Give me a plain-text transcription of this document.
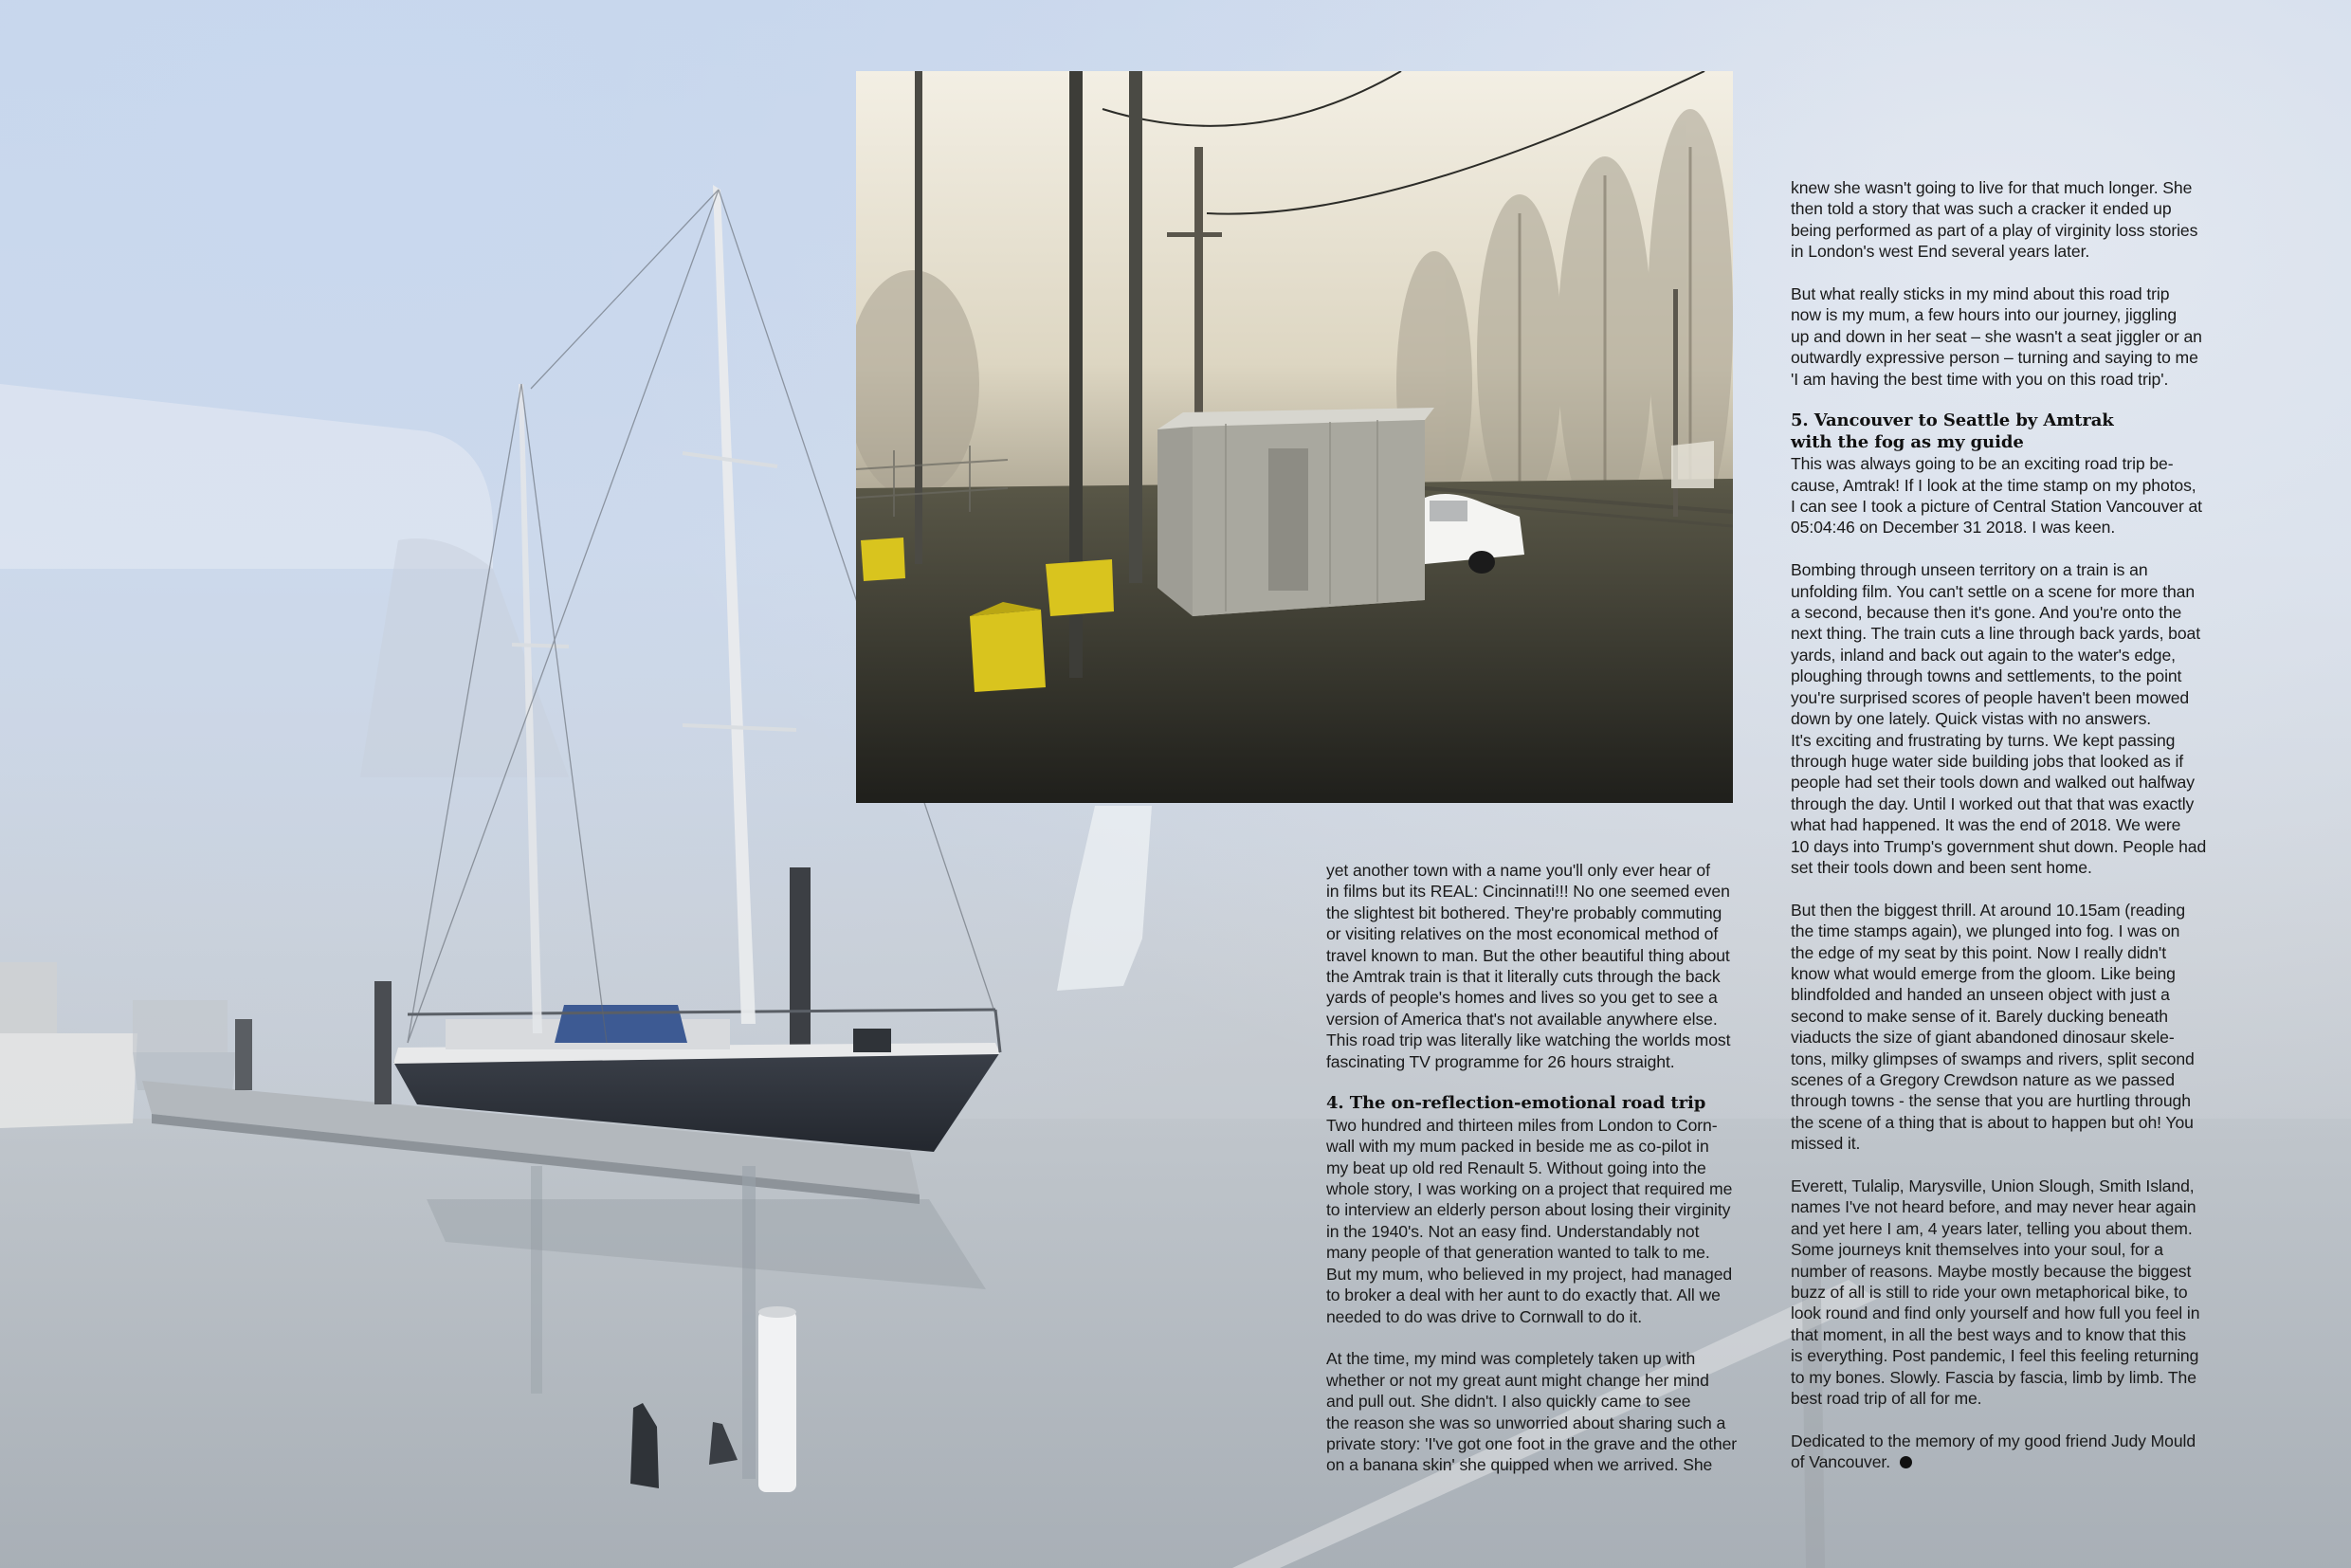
yet another town with a name you'll only ever hear of
in films but its REAL: Cincinnati!!! No one seemed even
the slightest bit bothered. They're probably commuting
or visiting relatives on the most economical method of
travel known to man. But the other beautiful thing about
the Amtrak train is that it literally cuts through the back
yards of people's homes and lives so you get to see a
version of America that's not available anywhere else.
This road trip was literally like watching the worlds most
fascinating TV programme for 26 hours straight.

4. The on-reflection-emotional road trip

Two hundred and thirteen miles from London to Corn-
wall with my mum packed in beside me as co-pilot in
my beat up old red Renault 5. Without going into the
whole story, I was working on a project that required me
to interview an elderly person about losing their virginity
in the 1940's. Not an easy find. Understandably not
many people of that generation wanted to talk to me.
But my mum, who believed in my project, had managed
to broker a deal with her aunt to do exactly that. All we
needed to do was drive to Cornwall to do it.

At the time, my mind was completely taken up with
whether or not my great aunt might change her mind
and pull out. She didn't. I also quickly came to see
the reason she was so unworried about sharing such a
private story: 'I've got one foot in the grave and the other
on a banana skin' she quipped when we arrived. She

knew she wasn't going to live for that much longer. She
then told a story that was such a cracker it ended up
being performed as part of a play of virginity loss stories
in London's west End several years later.

But what really sticks in my mind about this road trip
now is my mum, a few hours into our journey, jiggling
up and down in her seat – she wasn't a seat jiggler or an
outwardly expressive person – turning and saying to me
'I am having the best time with you on this road trip'.

5. Vancouver to Seattle by Amtrak
with the fog as my guide

This was always going to be an exciting road trip be-
cause, Amtrak! If I look at the time stamp on my photos,
I can see I took a picture of Central Station Vancouver at
05:04:46 on December 31 2018. I was keen.

Bombing through unseen territory on a train is an
unfolding film. You can't settle on a scene for more than
a second, because then it's gone. And you're onto the
next thing. The train cuts a line through back yards, boat
yards, inland and back out again to the water's edge,
ploughing through towns and settlements, to the point
you're surprised scores of people haven't been mowed
down by one lately. Quick vistas with no answers.

It's exciting and frustrating by turns. We kept passing
through huge water side building jobs that looked as if
people had set their tools down and walked out halfway
through the day. Until I worked out that that was exactly
what had happened. It was the end of 2018. We were
10 days into Trump's government shut down. People had
set their tools down and been sent home.

But then the biggest thrill. At around 10.15am (reading
the time stamps again), we plunged into fog. I was on
the edge of my seat by this point. Now I really didn't
know what would emerge from the gloom. Like being
blindfolded and handed an unseen object with just a
second to make sense of it. Barely ducking beneath
viaducts the size of giant abandoned dinosaur skele-
tons, milky glimpses of swamps and rivers, split second
scenes of a Gregory Crewdson nature as we passed
through towns - the sense that you are hurtling through
the scene of a thing that is about to happen but oh! You
missed it.

Everett, Tulalip, Marysville, Union Slough, Smith Island,
names I've not heard before, and may never hear again
and yet here I am, 4 years later, telling you about them.
Some journeys knit themselves into your soul, for a
number of reasons. Maybe mostly because the biggest
buzz of all is still to ride your own metaphorical bike, to
look round and find only yourself and how full you feel in
that moment, in all the best ways and to know that this
is everything. Post pandemic, I feel this feeling returning
to my bones. Slowly. Fascia by fascia, limb by limb. The
best road trip of all for me.

Dedicated to the memory of my good friend Judy Mould
of Vancouver.
